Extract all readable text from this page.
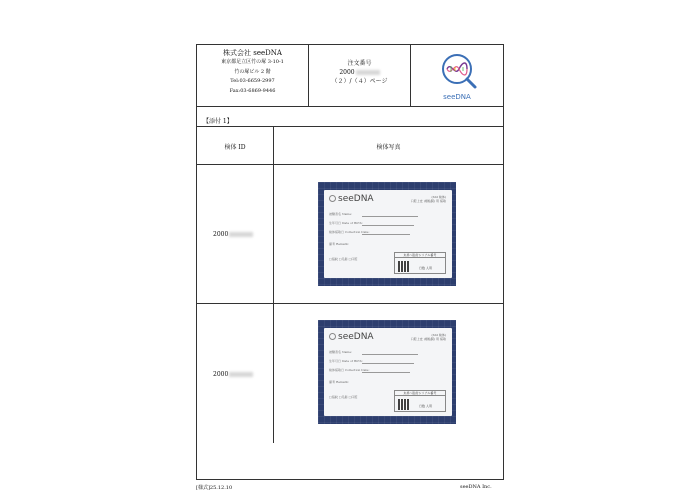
株式会社 seeDNA
東京都足立区竹の塚 3-10-1
竹の塚ビル 2 階
Tel:03-6659-2997
Fax:03-6869-9446
注文番号
2000
（２）/（４）ページ
seeDNA
【添付 1】
検体 ID	検体写真
2000
seeDNA	(Std 検体)
口腔上皮 (頬粘膜) 用 採取
被験者名 Name:
生年月日 Date of Birth:
検体採取日 Collection Date:
備考 Remark:
□指紋 □毛髪 □口腔
丸枠へ貼付シリアル番号
日数 人用
2000
seeDNA	(Std 検体)
口腔上皮 (頬粘膜) 用 採取
被験者名 Name:
生年月日 Date of Birth:
検体採取日 Collection Date:
備考 Remark:
□指紋 □毛髪 □口腔
丸枠へ貼付シリアル番号
日数 人用
[様式]25.12.10	seeDNA Inc.
